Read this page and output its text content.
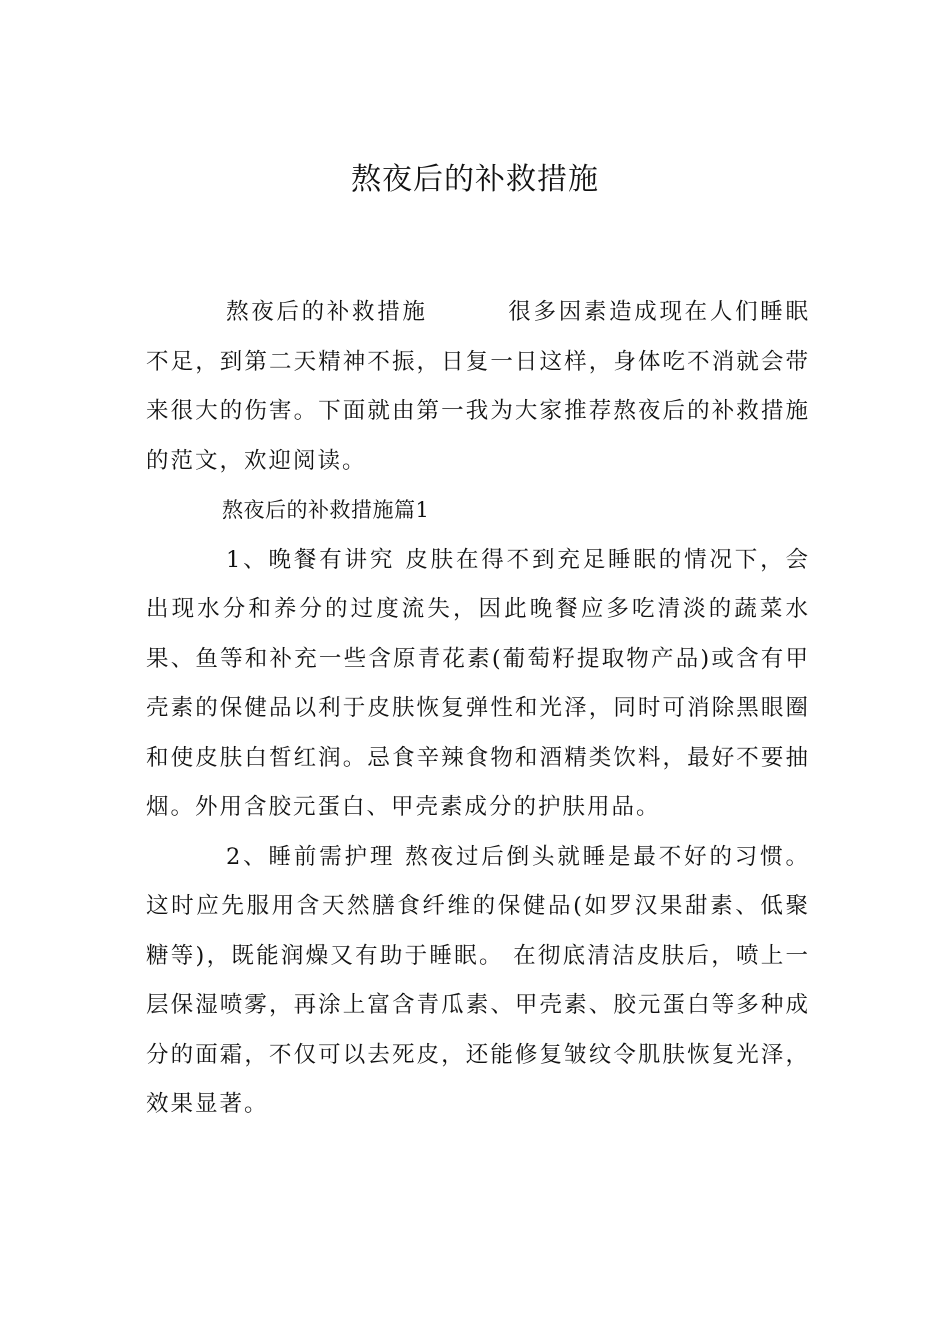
熬夜后的补救措施

熬夜后的补救措施	很多因素造成现在人们睡眠不足，到第二天精神不振，日复一日这样，身体吃不消就会带来很大的伤害。下面就由第一我为大家推荐熬夜后的补救措施的范文，欢迎阅读。

熬夜后的补救措施篇1

1、晚餐有讲究 皮肤在得不到充足睡眠的情况下，会出现水分和养分的过度流失，因此晚餐应多吃清淡的蔬菜水果、鱼等和补充一些含原青花素(葡萄籽提取物产品)或含有甲壳素的保健品以利于皮肤恢复弹性和光泽，同时可消除黑眼圈和使皮肤白皙红润。忌食辛辣食物和酒精类饮料，最好不要抽烟。外用含胶元蛋白、甲壳素成分的护肤用品。

2、睡前需护理 熬夜过后倒头就睡是最不好的习惯。这时应先服用含天然膳食纤维的保健品(如罗汉果甜素、低聚糖等)，既能润燥又有助于睡眠。 在彻底清洁皮肤后，喷上一层保湿喷雾，再涂上富含青瓜素、甲壳素、胶元蛋白等多种成分的面霜，不仅可以去死皮，还能修复皱纹令肌肤恢复光泽，效果显著。
